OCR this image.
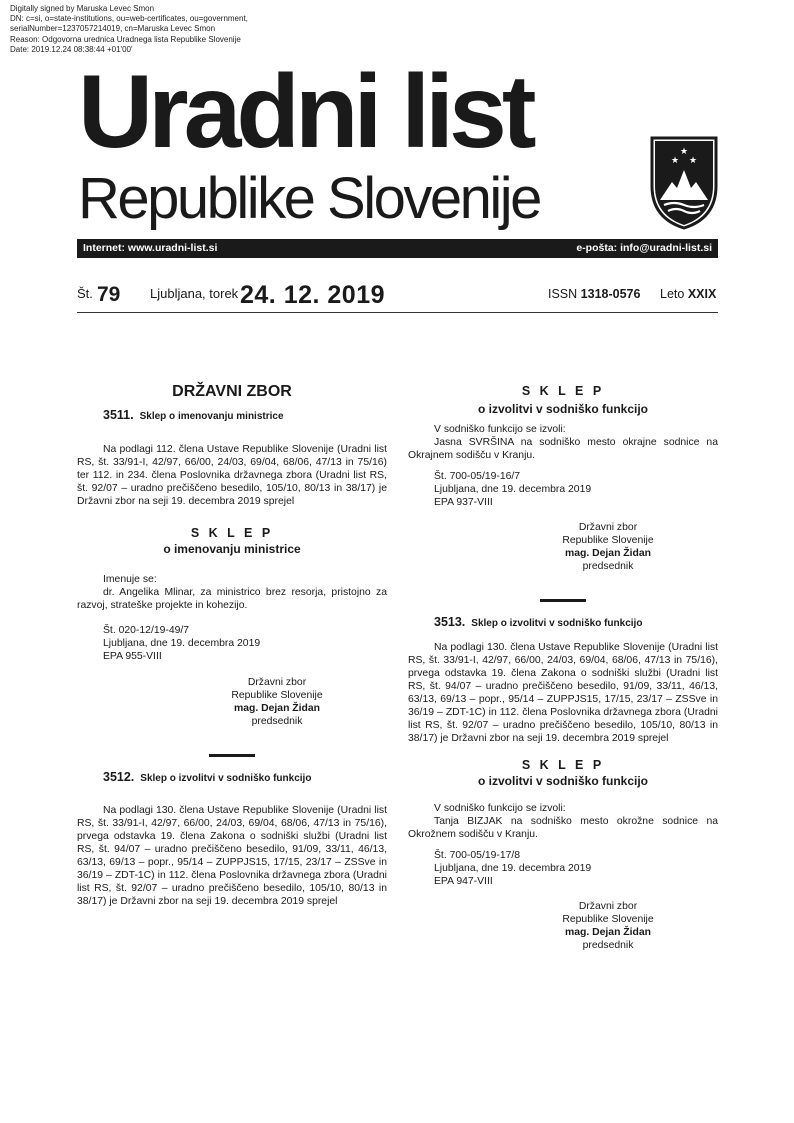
Digitally signed by Maruska Levec Smon
DN: c=si, o=state-institutions, ou=web-certificates, ou=government,
serialNumber=1237057214019, cn=Maruska Levec Smon
Reason: Odgovorna urednica Uradnega lista Republike Slovenije
Date: 2019.12.24 08:38:44 +01'00'
Uradni list
Republike Slovenije
★
★ ★
Internet: www.uradni-list.si	e-pošta: info@uradni-list.si
Št. 79 Ljubljana, torek 24. 12. 2019	ISSN 1318-0576 Leto XXIX
DRŽAVNI ZBOR
3511. Sklep o imenovanju ministrice

Na podlagi 112. člena Ustave Republike Slovenije (Uradni list RS, št. 33/91-I, 42/97, 66/00, 24/03, 69/04, 68/06, 47/13 in 75/16) ter 112. in 234. člena Poslovnika državnega zbora (Uradni list RS, št. 92/07 – uradno prečiščeno besedilo, 105/10, 80/13 in 38/17) je Državni zbor na seji 19. decembra 2019 sprejel

S K L E P
o imenovanju ministrice

Imenuje se:

dr. Angelika Mlinar, za ministrico brez resorja, pristojno za razvoj, strateške projekte in kohezijo.

Št. 020-12/19-49/7
Ljubljana, dne 19. decembra 2019
EPA 955-VIII
Državni zbor
Republike Slovenije
mag. Dejan Židan
predsednik
3512. Sklep o izvolitvi v sodniško funkcijo

Na podlagi 130. člena Ustave Republike Slovenije (Uradni list RS, št. 33/91-I, 42/97, 66/00, 24/03, 69/04, 68/06, 47/13 in 75/16), prvega odstavka 19. člena Zakona o sodniški službi (Uradni list RS, št. 94/07 – uradno prečiščeno besedilo, 91/09, 33/11, 46/13, 63/13, 69/13 – popr., 95/14 – ZUPPJS15, 17/15, 23/17 – ZSSve in 36/19 – ZDT-1C) in 112. člena Poslovnika državnega zbora (Uradni list RS, št. 92/07 – uradno prečiščeno besedilo, 105/10, 80/13 in 38/17) je Državni zbor na seji 19. decembra 2019 sprejel

S K L E P
o izvolitvi v sodniško funkcijo

V sodniško funkcijo se izvoli:

Jasna SVRŠINA na sodniško mesto okrajne sodnice na Okrajnem sodišču v Kranju.

Št. 700-05/19-16/7
Ljubljana, dne 19. decembra 2019
EPA 937-VIII
Državni zbor
Republike Slovenije
mag. Dejan Židan
predsednik
3513. Sklep o izvolitvi v sodniško funkcijo

Na podlagi 130. člena Ustave Republike Slovenije (Uradni list RS, št. 33/91-I, 42/97, 66/00, 24/03, 69/04, 68/06, 47/13 in 75/16), prvega odstavka 19. člena Zakona o sodniški službi (Uradni list RS, št. 94/07 – uradno prečiščeno besedilo, 91/09, 33/11, 46/13, 63/13, 69/13 – popr., 95/14 – ZUPPJS15, 17/15, 23/17 – ZSSve in 36/19 – ZDT-1C) in 112. člena Poslovnika državnega zbora (Uradni list RS, št. 92/07 – uradno prečiščeno besedilo, 105/10, 80/13 in 38/17) je Državni zbor na seji 19. decembra 2019 sprejel

S K L E P
o izvolitvi v sodniško funkcijo

V sodniško funkcijo se izvoli:

Tanja BIZJAK na sodniško mesto okrožne sodnice na Okrožnem sodišču v Kranju.

Št. 700-05/19-17/8
Ljubljana, dne 19. decembra 2019
EPA 947-VIII
Državni zbor
Republike Slovenije
mag. Dejan Židan
predsednik
